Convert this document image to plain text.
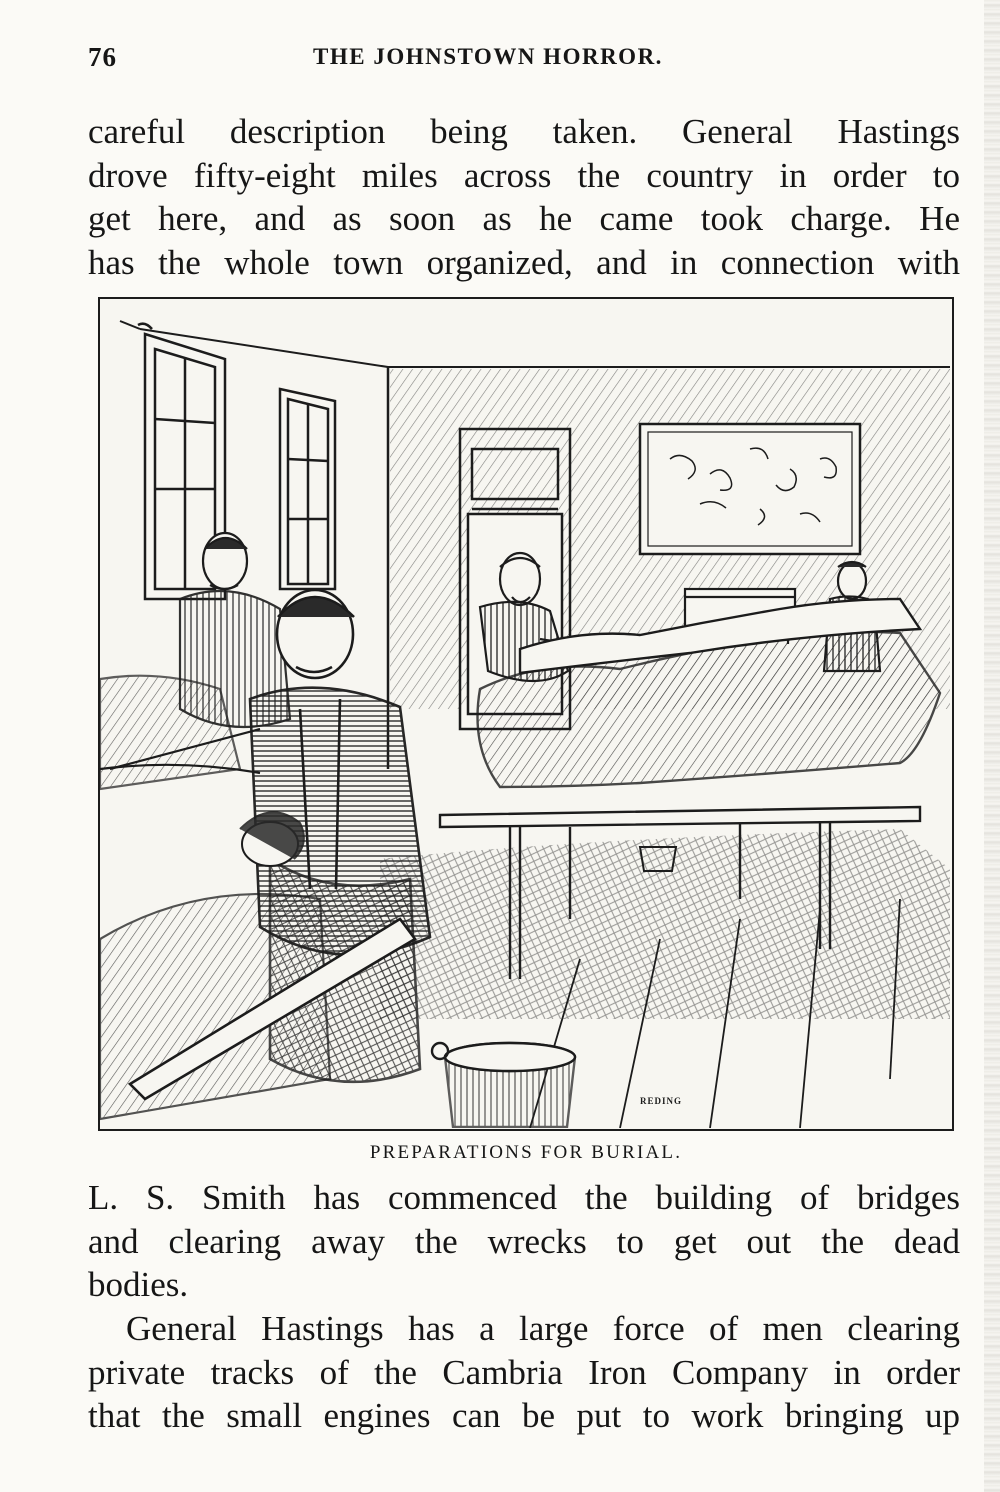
76	THE JOHNSTOWN HORROR.

careful description being taken. General Hastings
drove fifty-eight miles across the country in order to
get here, and as soon as he came took charge. He
has the whole town organized, and in connection with

REDING
PREPARATIONS FOR BURIAL.

L. S. Smith has commenced the building of bridges
and clearing away the wrecks to get out the dead
bodies.

General Hastings has a large force of men clearing
private tracks of the Cambria Iron Company in order
that the small engines can be put to work bringing up
